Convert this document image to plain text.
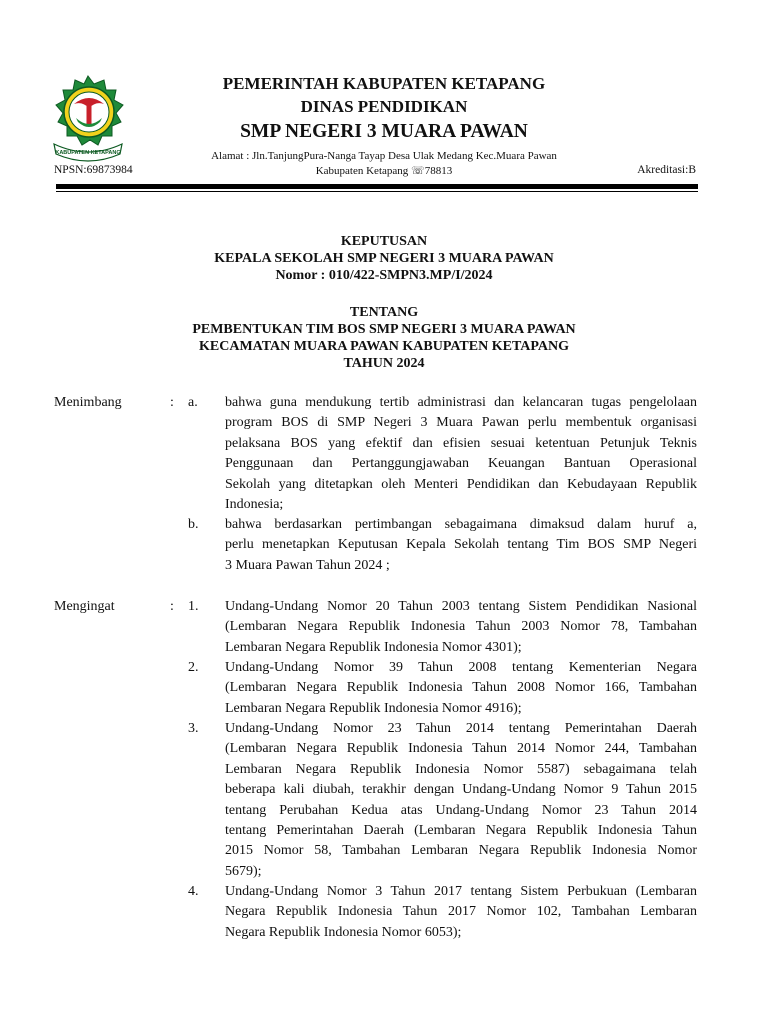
KABUPATEN KETAPANG
PEMERINTAH KABUPATEN KETAPANG
DINAS PENDIDIKAN
SMP NEGERI 3 MUARA PAWAN
Alamat : Jln.TanjungPura-Nanga Tayap Desa Ulak Medang Kec.Muara Pawan
Kabupaten Ketapang ☏78813
NPSN:69873984	Akreditasi:B
KEPUTUSAN
KEPALA SEKOLAH SMP NEGERI 3 MUARA PAWAN
Nomor : 010/422-SMPN3.MP/I/2024
TENTANG
PEMBENTUKAN TIM BOS SMP NEGERI 3 MUARA PAWAN
KECAMATAN MUARA PAWAN KABUPATEN KETAPANG
TAHUN 2024
Menimbang	: a.	bahwa guna mendukung tertib administrasi dan kelancaran tugas pengelolaan
program BOS di SMP Negeri 3 Muara Pawan perlu membentuk organisasi
pelaksana BOS yang efektif dan efisien sesuai ketentuan Petunjuk Teknis
Penggunaan dan Pertanggungjawaban Keuangan Bantuan Operasional
Sekolah yang ditetapkan oleh Menteri Pendidikan dan Kebudayaan Republik
Indonesia;
b.	bahwa berdasarkan pertimbangan sebagaimana dimaksud dalam huruf a,
perlu menetapkan Keputusan Kepala Sekolah tentang Tim BOS SMP Negeri
3 Muara Pawan Tahun 2024 ;
Mengingat	: 1.	Undang-Undang Nomor 20 Tahun 2003 tentang Sistem Pendidikan Nasional
(Lembaran Negara Republik Indonesia Tahun 2003 Nomor 78, Tambahan
Lembaran Negara Republik Indonesia Nomor 4301);
2.	Undang-Undang Nomor 39 Tahun 2008 tentang Kementerian Negara
(Lembaran Negara Republik Indonesia Tahun 2008 Nomor 166, Tambahan
Lembaran Negara Republik Indonesia Nomor 4916);
3.	Undang-Undang Nomor 23 Tahun 2014 tentang Pemerintahan Daerah
(Lembaran Negara Republik Indonesia Tahun 2014 Nomor 244, Tambahan
Lembaran Negara Republik Indonesia Nomor 5587) sebagaimana telah
beberapa kali diubah, terakhir dengan Undang-Undang Nomor 9 Tahun 2015
tentang Perubahan Kedua atas Undang-Undang Nomor 23 Tahun 2014
tentang Pemerintahan Daerah (Lembaran Negara Republik Indonesia Tahun
2015 Nomor 58, Tambahan Lembaran Negara Republik Indonesia Nomor
5679);
4.	Undang-Undang Nomor 3 Tahun 2017 tentang Sistem Perbukuan (Lembaran
Negara Republik Indonesia Tahun 2017 Nomor 102, Tambahan Lembaran
Negara Republik Indonesia Nomor 6053);
